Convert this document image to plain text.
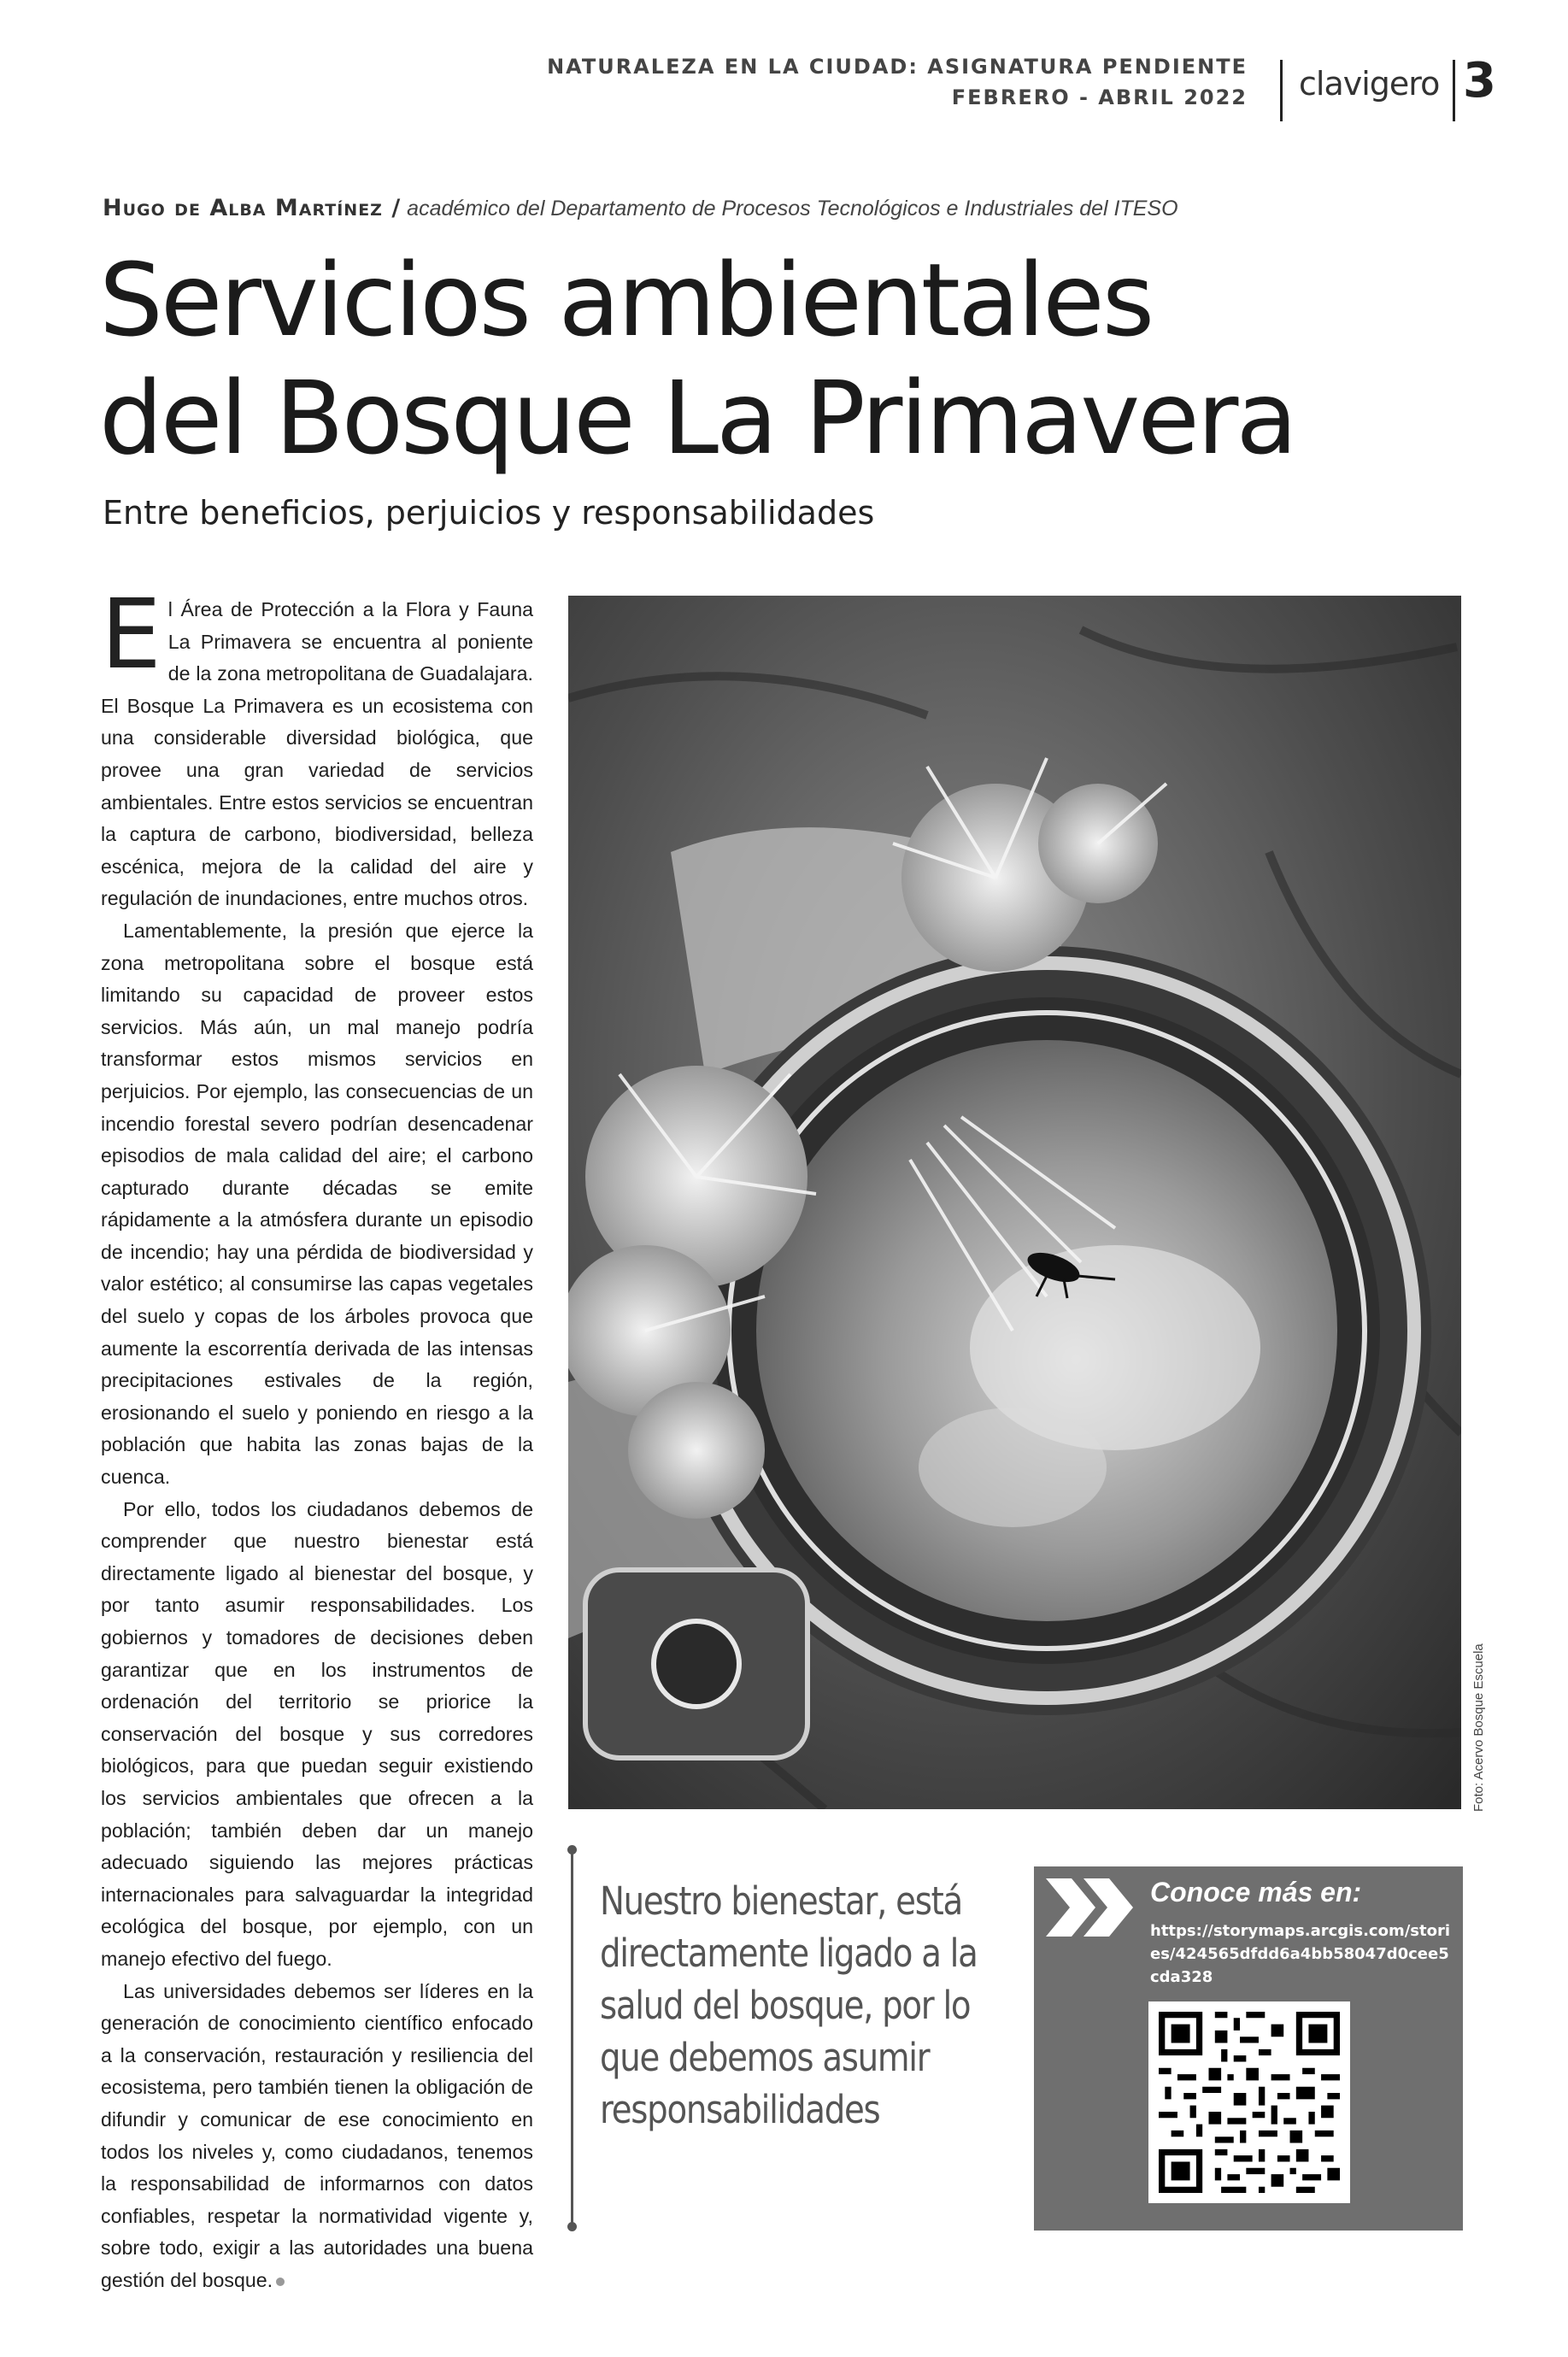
NATURALEZA EN LA CIUDAD: ASIGNATURA PENDIENTE
FEBRERO - ABRIL 2022 clavigero 3
Hugo de Alba Martínez / académico del Departamento de Procesos Tecnológicos e Industriales del ITESO
Servicios ambientales
del Bosque La Primavera
Entre beneficios, perjuicios y responsabilidades

El Área de Protección a la Flora y Fauna La Primavera se encuentra al poniente de la zona metropolitana de Guadalajara. El Bosque La Primavera es un ecosistema con una considerable diversidad biológica, que provee una gran variedad de servicios ambientales. Entre estos servicios se encuentran la captura de carbono, biodiversidad, belleza escénica, mejora de la calidad del aire y regulación de inundaciones, entre muchos otros.

Lamentablemente, la presión que ejerce la zona metropolitana sobre el bosque está limitando su capacidad de proveer estos servicios. Más aún, un mal manejo podría transformar estos mismos servicios en perjuicios. Por ejemplo, las consecuencias de un incendio forestal severo podrían desencadenar episodios de mala calidad del aire; el carbono capturado durante décadas se emite rápidamente a la atmósfera durante un episodio de incendio; hay una pérdida de biodiversidad y valor estético; al consumirse las capas vegetales del suelo y copas de los árboles provoca que aumente la escorrentía derivada de las intensas precipitaciones estivales de la región, erosionando el suelo y poniendo en riesgo a la población que habita las zonas bajas de la cuenca.

Por ello, todos los ciudadanos debemos de comprender que nuestro bienestar está directamente ligado al bienestar del bosque, y por tanto asumir responsabilidades. Los gobiernos y tomadores de decisiones deben garantizar que en los instrumentos de ordenación del territorio se priorice la conservación del bosque y sus corredores biológicos, para que puedan seguir existiendo los servicios ambientales que ofrecen a la población; también deben dar un manejo adecuado siguiendo las mejores prácticas internacionales para salvaguardar la integridad ecológica del bosque, por ejemplo, con un manejo efectivo del fuego.

Las universidades debemos ser líderes en la generación de conocimiento científico enfocado a la conservación, restauración y resiliencia del ecosistema, pero también tienen la obligación de difundir y comunicar de ese conocimiento en todos los niveles y, como ciudadanos, tenemos la responsabilidad de informarnos con datos confiables, respetar la normatividad vigente y, sobre todo, exigir a las autoridades una buena gestión del bosque.

Foto: Acervo Bosque Escuela

Nuestro bienestar, está directamente ligado a la salud del bosque, por lo que debemos asumir responsabilidades

Conoce más en:
https://storymaps.arcgis.com/stories/424565dfdd6a4bb58047d0cee5cda328
